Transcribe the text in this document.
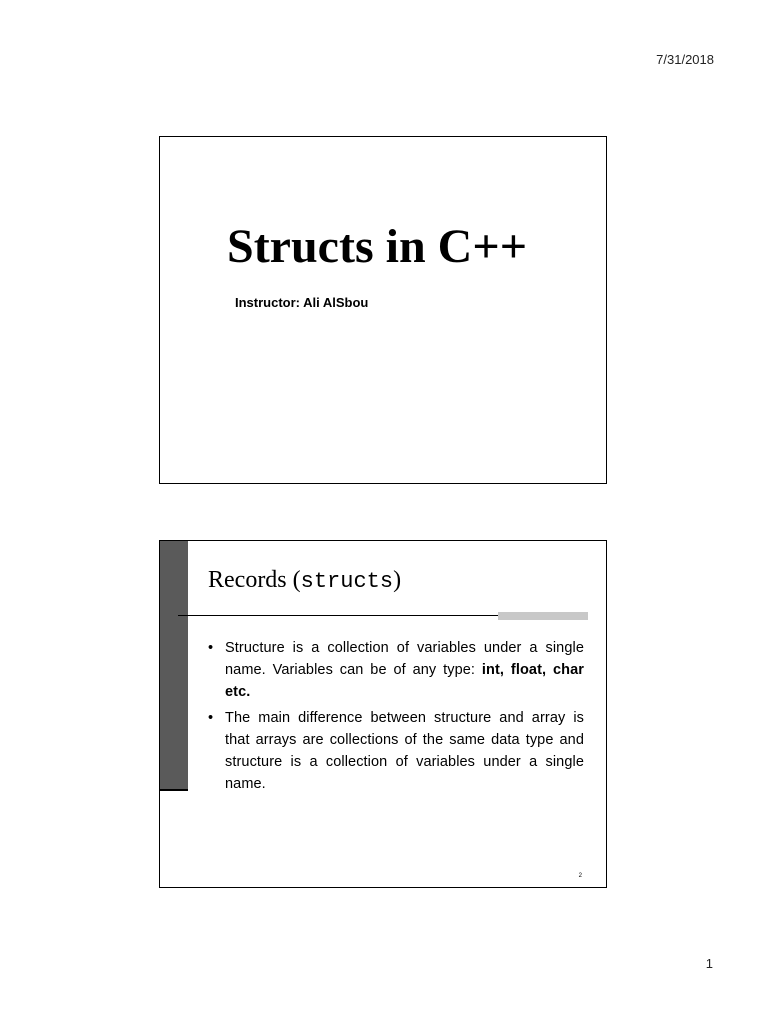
7/31/2018
Structs in C++
Instructor: Ali AlSbou
Records (structs)
• Structure is a collection of variables under a single name. Variables can be of any type: int, float, char etc.
• The main difference between structure and array is that arrays are collections of the same data type and structure is a collection of variables under a single name.
2
1
